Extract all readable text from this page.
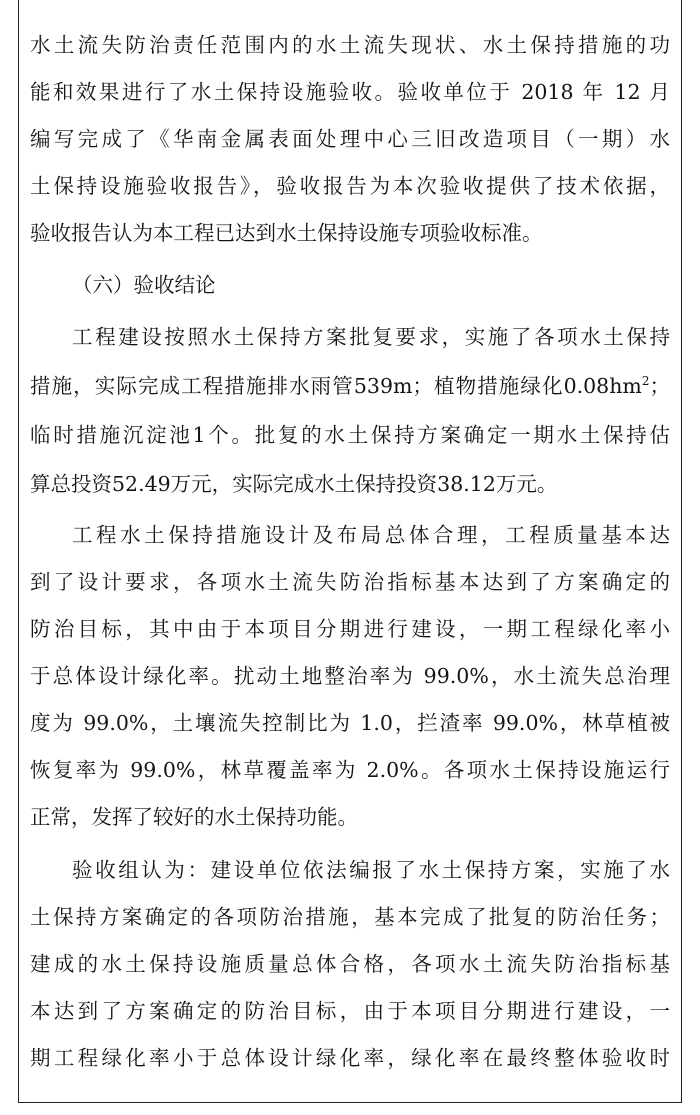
水土流失防治责任范围内的水土流失现状、水土保持措施的功
能和效果进行了水土保持设施验收。验收单位于 2018 年 12 月
编写完成了《华南金属表面处理中心三旧改造项目（一期）水
土保持设施验收报告》，验收报告为本次验收提供了技术依据，
验收报告认为本工程已达到水土保持设施专项验收标准。
（六）验收结论
工程建设按照水土保持方案批复要求，实施了各项水土保持
措施，实际完成工程措施排水雨管539m；植物措施绿化$0.08hm^2$；
临时措施沉淀池1个。批复的水土保持方案确定一期水土保持估
算总投资52.49万元，实际完成水土保持投资38.12万元。
工程水土保持措施设计及布局总体合理，工程质量基本达
到了设计要求，各项水土流失防治指标基本达到了方案确定的
防治目标，其中由于本项目分期进行建设，一期工程绿化率小
于总体设计绿化率。扰动土地整治率为 99.0%，水土流失总治理
度为 99.0%，土壤流失控制比为 1.0，拦渣率 99.0%，林草植被
恢复率为 99.0%，林草覆盖率为 2.0%。各项水土保持设施运行
正常，发挥了较好的水土保持功能。
验收组认为：建设单位依法编报了水土保持方案，实施了水
土保持方案确定的各项防治措施，基本完成了批复的防治任务；
建成的水土保持设施质量总体合格，各项水土流失防治指标基
本达到了方案确定的防治目标，由于本项目分期进行建设，一
期工程绿化率小于总体设计绿化率，绿化率在最终整体验收时
